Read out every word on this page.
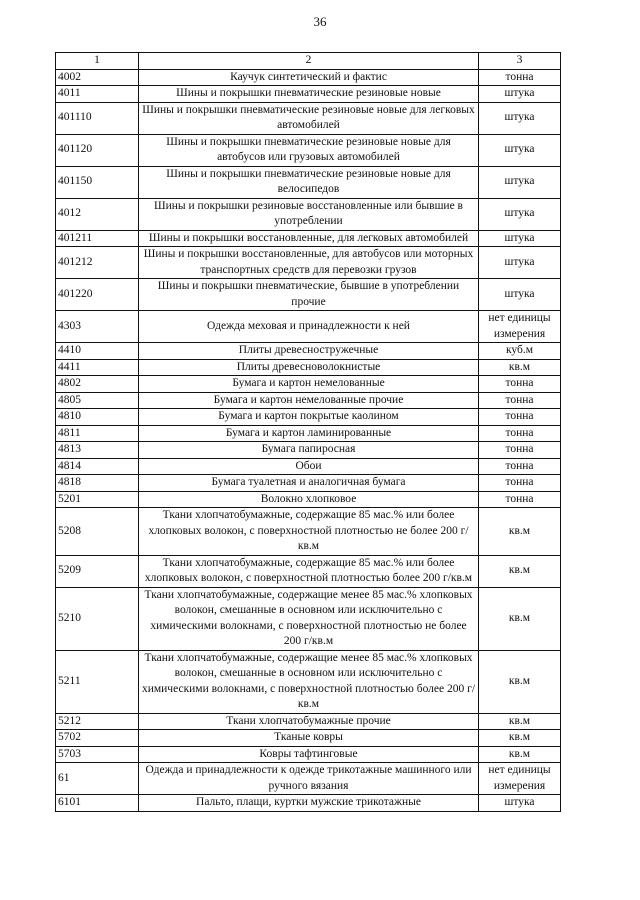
36
1	2	3
4002	Каучук синтетический и фактис	тонна
4011	Шины и покрышки пневматические резиновые новые	штука
401110	Шины и покрышки пневматические резиновые новые для легковых автомобилей	штука
401120	Шины и покрышки пневматические резиновые новые для автобусов или грузовых автомобилей	штука
401150	Шины и покрышки пневматические резиновые новые для велосипедов	штука
4012	Шины и покрышки резиновые восстановленные или бывшие в употреблении	штука
401211	Шины и покрышки восстановленные, для легковых автомобилей	штука
401212	Шины и покрышки восстановленные, для автобусов или моторных транспортных средств для перевозки грузов	штука
401220	Шины и покрышки пневматические, бывшие в употреблении прочие	штука
4303	Одежда меховая и принадлежности к ней	нет единицы измерения
4410	Плиты древесностружечные	куб.м
4411	Плиты древесноволокнистые	кв.м
4802	Бумага и картон немелованные	тонна
4805	Бумага и картон немелованные прочие	тонна
4810	Бумага и картон покрытые каолином	тонна
4811	Бумага и картон ламинированные	тонна
4813	Бумага папиросная	тонна
4814	Обои	тонна
4818	Бумага туалетная и аналогичная бумага	тонна
5201	Волокно хлопковое	тонна
5208	Ткани хлопчатобумажные, содержащие 85 мас.% или более хлопковых волокон, с поверхностной плотностью не более 200 г/кв.м	кв.м
5209	Ткани хлопчатобумажные, содержащие 85 мас.% или более хлопковых волокон, с поверхностной плотностью более 200 г/кв.м	кв.м
5210	Ткани хлопчатобумажные, содержащие менее 85 мас.% хлопковых волокон, смешанные в основном или исключительно с химическими волокнами, с поверхностной плотностью не более 200 г/кв.м	кв.м
5211	Ткани хлопчатобумажные, содержащие менее 85 мас.% хлопковых волокон, смешанные в основном или исключительно с химическими волокнами, с поверхностной плотностью более 200 г/кв.м	кв.м
5212	Ткани хлопчатобумажные прочие	кв.м
5702	Тканые ковры	кв.м
5703	Ковры тафтинговые	кв.м
61	Одежда и принадлежности к одежде трикотажные машинного или ручного вязания	нет единицы измерения
6101	Пальто, плащи, куртки мужские трикотажные	штука
